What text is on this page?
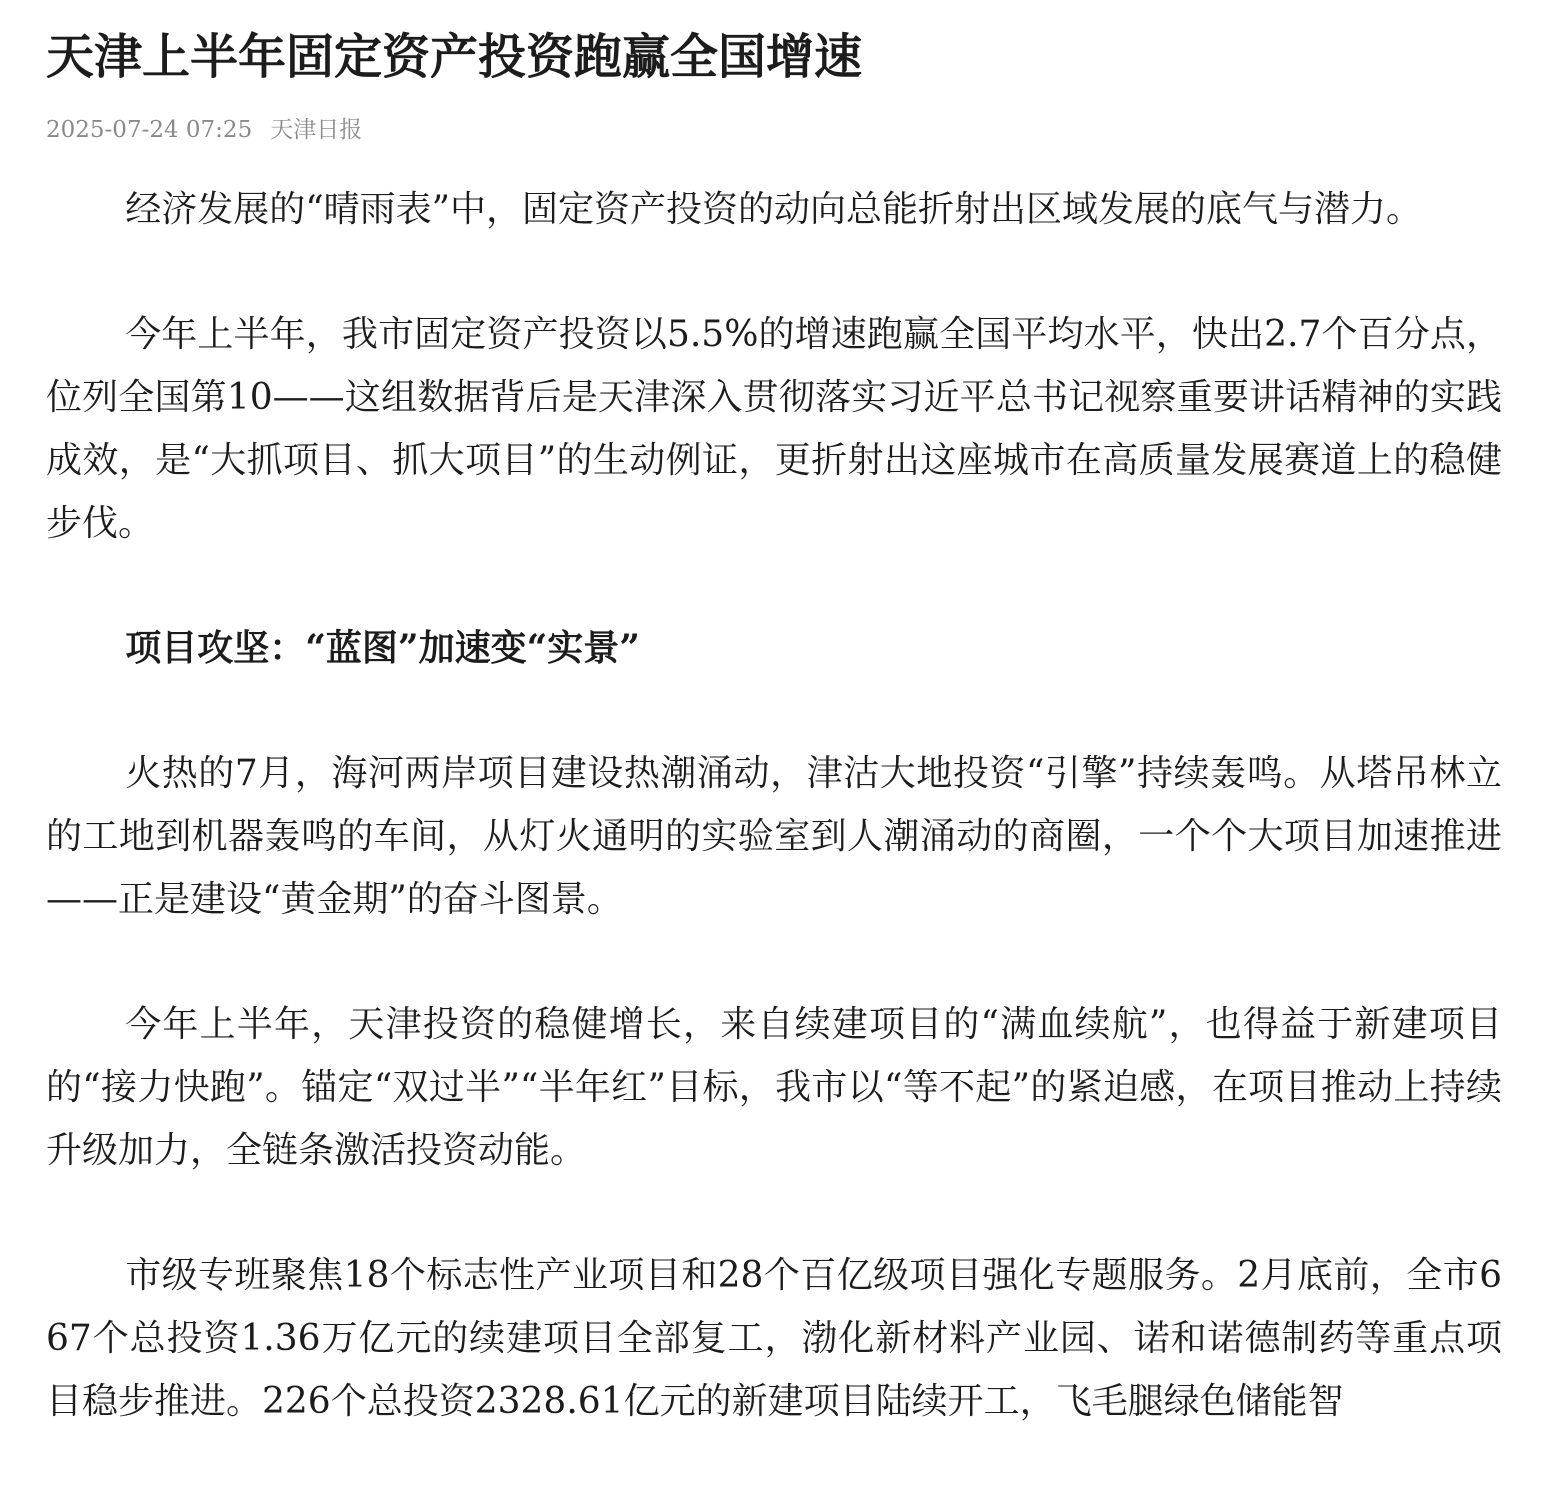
天津上半年固定资产投资跑赢全国增速
2025-07-24 07:25 天津日报

经济发展的“晴雨表”中，固定资产投资的动向总能折射出区域发展的底气与潜力。

今年上半年，我市固定资产投资以5.5%的增速跑赢全国平均水平，快出2.7个百分点，位列全国第10——这组数据背后是天津深入贯彻落实习近平总书记视察重要讲话精神的实践成效，是“大抓项目、抓大项目”的生动例证，更折射出这座城市在高质量发展赛道上的稳健步伐。

项目攻坚：“蓝图”加速变“实景”

火热的7月，海河两岸项目建设热潮涌动，津沽大地投资“引擎”持续轰鸣。从塔吊林立的工地到机器轰鸣的车间，从灯火通明的实验室到人潮涌动的商圈，一个个大项目加速推进——正是建设“黄金期”的奋斗图景。

今年上半年，天津投资的稳健增长，来自续建项目的“满血续航”，也得益于新建项目的“接力快跑”。锚定“双过半”“半年红”目标，我市以“等不起”的紧迫感，在项目推动上持续升级加力，全链条激活投资动能。

市级专班聚焦18个标志性产业项目和28个百亿级项目强化专题服务。2月底前，全市667个总投资1.36万亿元的续建项目全部复工，渤化新材料产业园、诺和诺德制药等重点项目稳步推进。226个总投资2328.61亿元的新建项目陆续开工，飞毛腿绿色储能智
